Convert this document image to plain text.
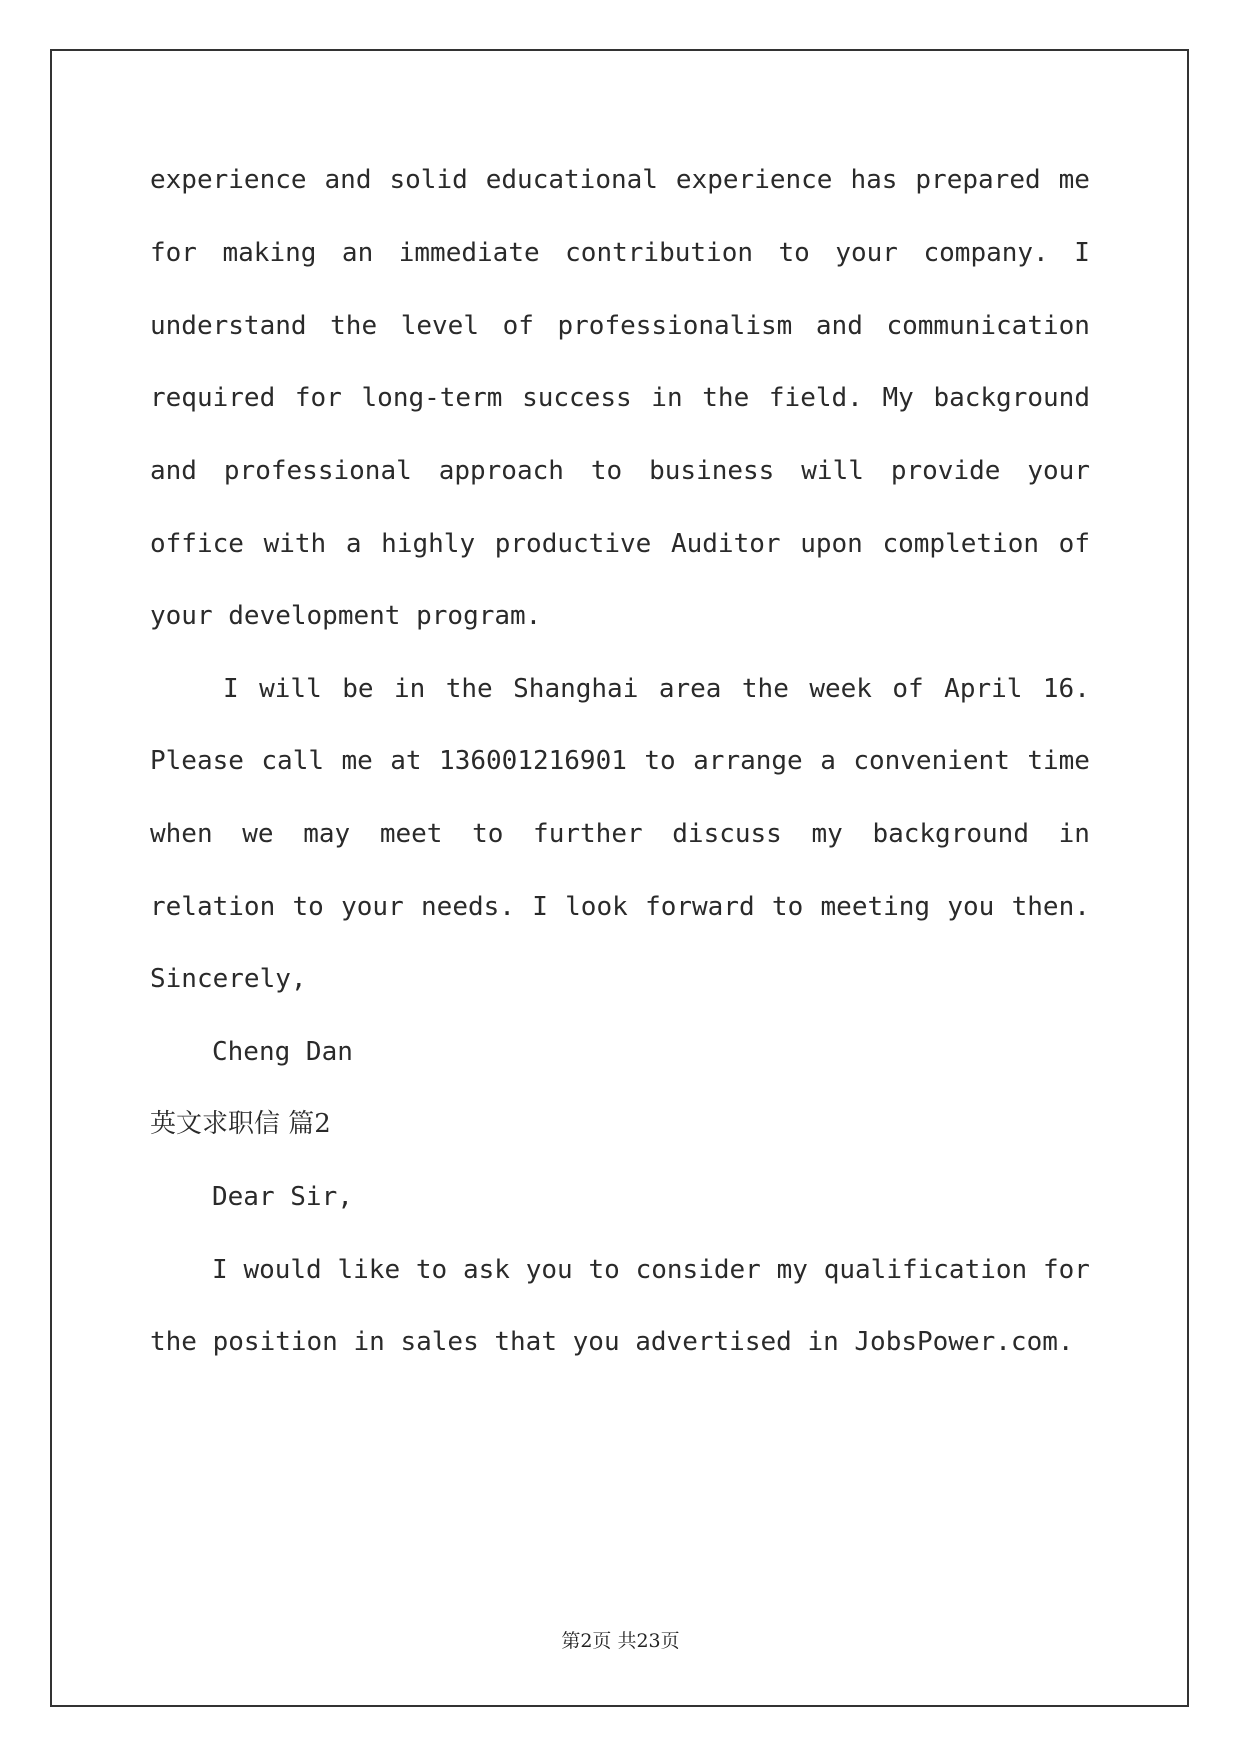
experience and solid educational experience has prepared me
for making an immediate contribution to your company. I
understand the level of professionalism and communication
required for long-term success in the field. My background
and professional approach to business will provide your
office with a highly productive Auditor upon completion of
your development program.
I will be in the Shanghai area the week of April 16.
Please call me at 136001216901 to arrange a convenient time
when we may meet to further discuss my background in
relation to your needs. I look forward to meeting you then.
Sincerely,
Cheng Dan
英文求职信 篇2
Dear Sir,
I would like to ask you to consider my qualification for
the position in sales that you advertised in JobsPower.com.
第2页 共23页
